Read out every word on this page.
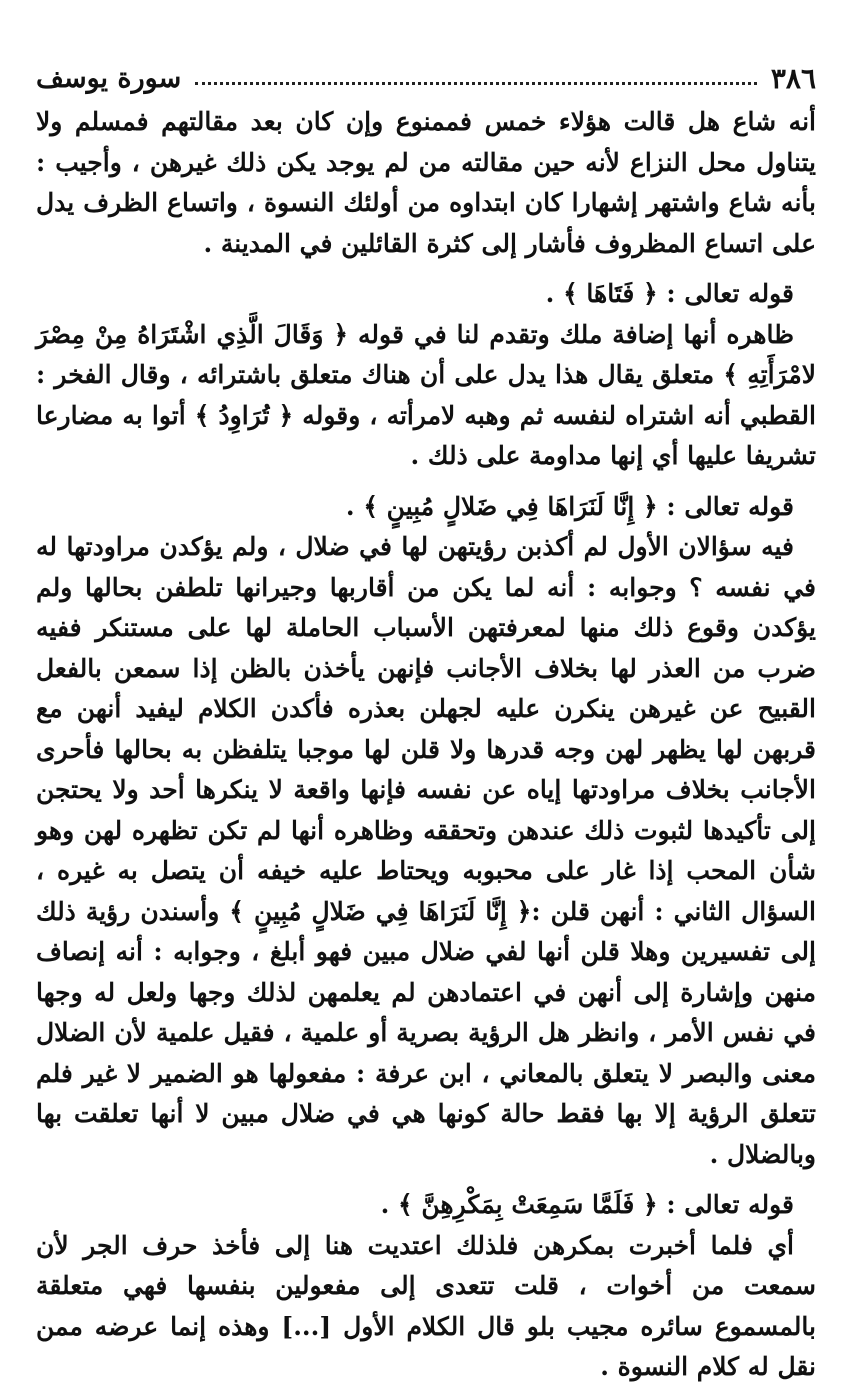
٣٨٦
سورة يوسف

أنه شاع هل قالت هؤلاء خمس فممنوع وإن كان بعد مقالتهم فمسلم ولا يتناول محل النزاع لأنه حين مقالته من لم يوجد يكن ذلك غيرهن ، وأجيب : بأنه شاع واشتهر إشهارا كان ابتداوه من أولئك النسوة ، واتساع الظرف يدل على اتساع المظروف فأشار إلى كثرة القائلين في المدينة .

قوله تعالى : ﴿ فَتَاهَا ﴾ .

ظاهره أنها إضافة ملك وتقدم لنا في قوله ﴿ وَقَالَ الَّذِي اشْتَرَاهُ مِنْ مِصْرَ لامْرَأَتِهِ ﴾ متعلق يقال هذا يدل على أن هناك متعلق باشترائه ، وقال الفخر : القطبي أنه اشتراه لنفسه ثم وهبه لامرأته ، وقوله ﴿ تُرَاوِدُ ﴾ أتوا به مضارعا تشريفا عليها أي إنها مداومة على ذلك .

قوله تعالى : ﴿ إِنَّا لَنَرَاهَا فِي ضَلالٍ مُبِينٍ ﴾ .

فيه سؤالان الأول لم أكذبن رؤيتهن لها في ضلال ، ولم يؤكدن مراودتها له في نفسه ؟ وجوابه : أنه لما يكن من أقاربها وجيرانها تلطفن بحالها ولم يؤكدن وقوع ذلك منها لمعرفتهن الأسباب الحاملة لها على مستنكر ففيه ضرب من العذر لها بخلاف الأجانب فإنهن يأخذن بالظن إذا سمعن بالفعل القبيح عن غيرهن ينكرن عليه لجهلن بعذره فأكدن الكلام ليفيد أنهن مع قربهن لها يظهر لهن وجه قدرها ولا قلن لها موجبا يتلفظن به بحالها فأحرى الأجانب بخلاف مراودتها إياه عن نفسه فإنها واقعة لا ينكرها أحد ولا يحتجن إلى تأكيدها لثبوت ذلك عندهن وتحققه وظاهره أنها لم تكن تظهره لهن وهو شأن المحب إذا غار على محبوبه ويحتاط عليه خيفه أن يتصل به غيره ، السؤال الثاني : أنهن قلن :﴿ إِنَّا لَنَرَاهَا فِي ضَلالٍ مُبِينٍ ﴾ وأسندن رؤية ذلك إلى تفسيرين وهلا قلن أنها لفي ضلال مبين فهو أبلغ ، وجوابه : أنه إنصاف منهن وإشارة إلى أنهن في اعتمادهن لم يعلمهن لذلك وجها ولعل له وجها في نفس الأمر ، وانظر هل الرؤية بصرية أو علمية ، فقيل علمية لأن الضلال معنى والبصر لا يتعلق بالمعاني ، ابن عرفة : مفعولها هو الضمير لا غير فلم تتعلق الرؤية إلا بها فقط حالة كونها هي في ضلال مبين لا أنها تعلقت بها وبالضلال .

قوله تعالى : ﴿ فَلَمَّا سَمِعَتْ بِمَكْرِهِنَّ ﴾ .

أي فلما أخبرت بمكرهن فلذلك اعتديت هنا إلى فأخذ حرف الجر لأن سمعت من أخوات ، قلت تتعدى إلى مفعولين بنفسها فهي متعلقة بالمسموع سائره مجيب بلو قال الكلام الأول [...] وهذه إنما عرضه ممن نقل له كلام النسوة .
